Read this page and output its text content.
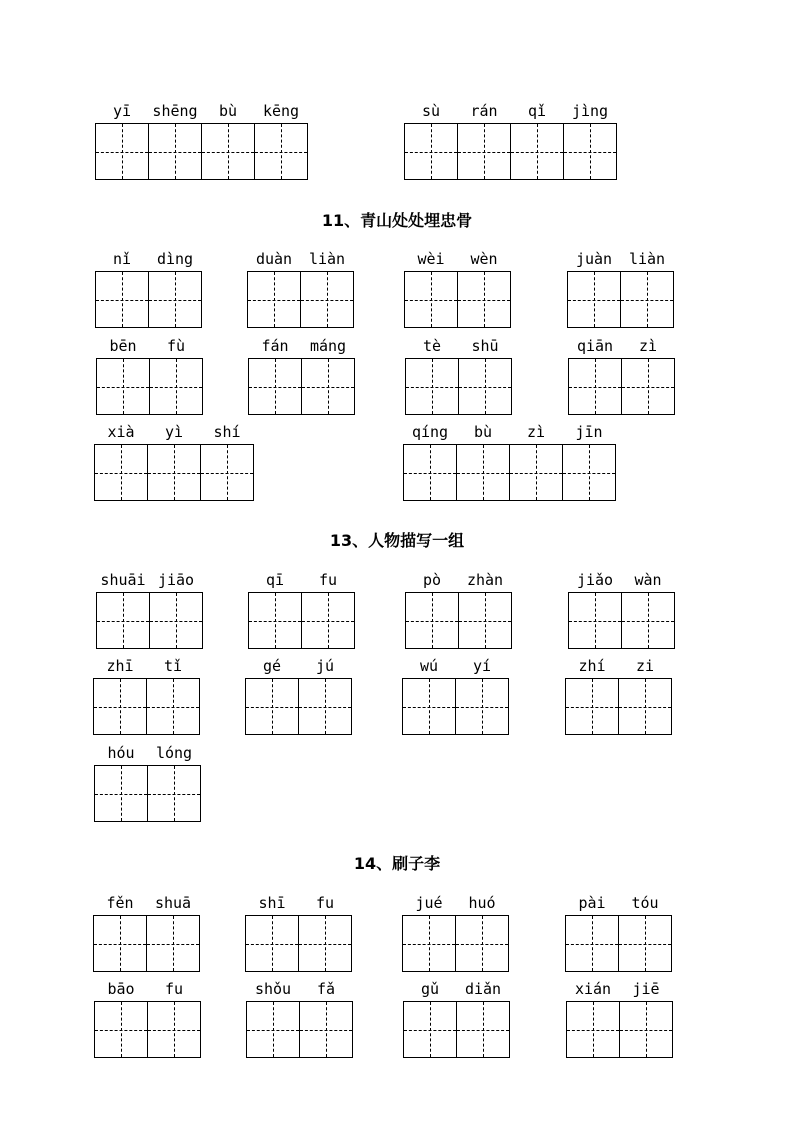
11、青山处处埋忠骨
13、人物描写一组
14、刷子李
yī	shēng	bù	kēng	sù	rán	qǐ	jìng
nǐ	dìng	duàn	liàn	wèi	wèn	juàn	liàn
bēn	fù	fán	máng	tè	shū	qiān	zì
xià	yì	shí	qíng	bù	zì	jīn
shuāi jiāo	qī	fu	pò	zhàn	jiǎo	wàn
zhī	tǐ	gé	jú	wú	yí	zhí	zi
hóu	lóng
fěn	shuā	shī	fu	jué	huó	pài	tóu
bāo	fu	shǒu	fǎ	gǔ	diǎn	xián	jiē
